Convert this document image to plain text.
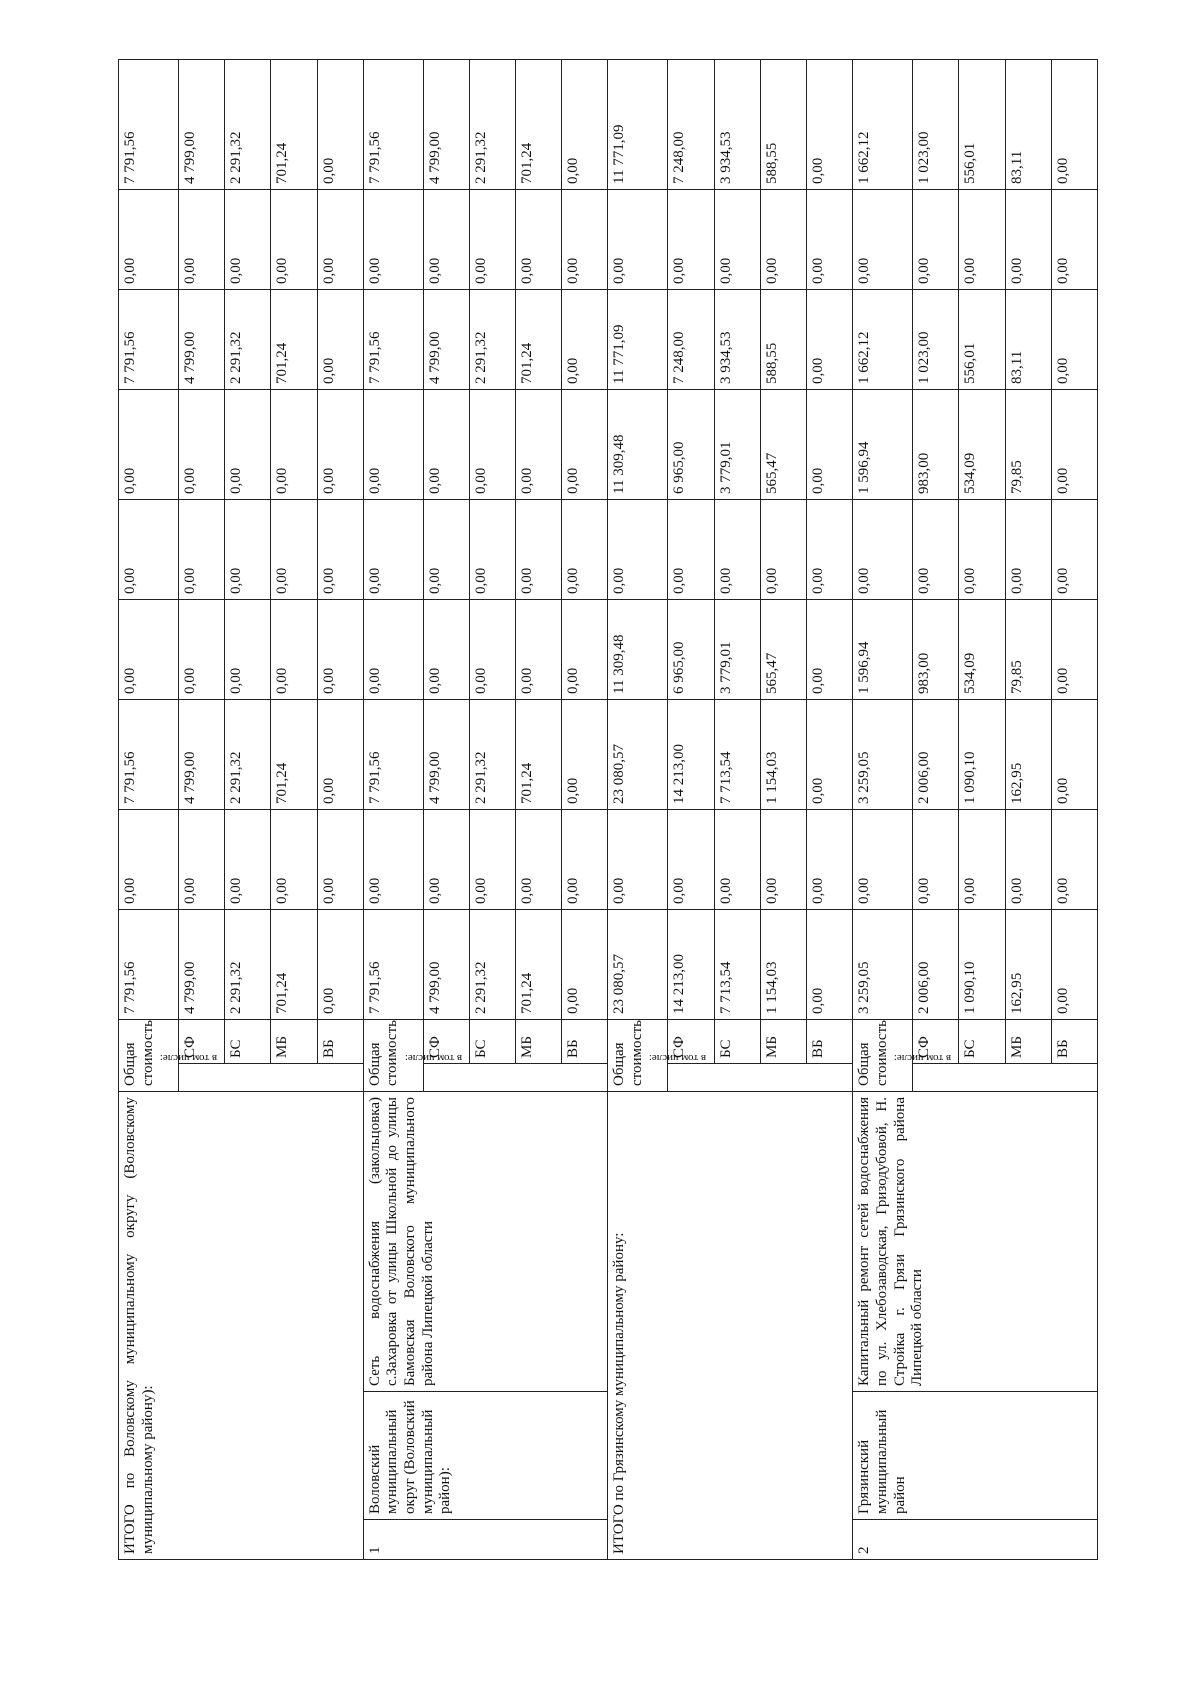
ИТОГО по Воловскому муниципальному округу (Воловскому муниципальному району):			Общая стоимость		7 791,56	0,00	7 791,56	0,00	0,00	0,00	7 791,56	0,00	7 791,56
			в том числе:	СФ	4 799,00	0,00	4 799,00	0,00	0,00	0,00	4 799,00	0,00	4 799,00
				БС	2 291,32	0,00	2 291,32	0,00	0,00	0,00	2 291,32	0,00	2 291,32
				МБ	701,24	0,00	701,24	0,00	0,00	0,00	701,24	0,00	701,24
				ВБ	0,00	0,00	0,00	0,00	0,00	0,00	0,00	0,00	0,00
1	Воловский муниципальный округ (Воловский муниципальный район):	Сеть водоснабжения (закольцовка) с.Захаровка от улицы Школьной до улицы Бамовская Воловского муниципального района Липецкой области	Общая стоимость		7 791,56	0,00	7 791,56	0,00	0,00	0,00	7 791,56	0,00	7 791,56
			в том числе:	СФ	4 799,00	0,00	4 799,00	0,00	0,00	0,00	4 799,00	0,00	4 799,00
				БС	2 291,32	0,00	2 291,32	0,00	0,00	0,00	2 291,32	0,00	2 291,32
				МБ	701,24	0,00	701,24	0,00	0,00	0,00	701,24	0,00	701,24
				ВБ	0,00	0,00	0,00	0,00	0,00	0,00	0,00	0,00	0,00
ИТОГО по Грязинскому муниципальному району:			Общая стоимость		23 080,57	0,00	23 080,57	11 309,48	0,00	11 309,48	11 771,09	0,00	11 771,09
			в том числе:	СФ	14 213,00	0,00	14 213,00	6 965,00	0,00	6 965,00	7 248,00	0,00	7 248,00
				БС	7 713,54	0,00	7 713,54	3 779,01	0,00	3 779,01	3 934,53	0,00	3 934,53
				МБ	1 154,03	0,00	1 154,03	565,47	0,00	565,47	588,55	0,00	588,55
				ВБ	0,00	0,00	0,00	0,00	0,00	0,00	0,00	0,00	0,00
2	Грязинский муниципальный район	Капитальный ремонт сетей водоснабжения по ул. Хлебозаводская, Гризодубовой, Н. Стройка г. Грязи Грязинского района Липецкой области	Общая стоимость		3 259,05	0,00	3 259,05	1 596,94	0,00	1 596,94	1 662,12	0,00	1 662,12
			в том числе:	СФ	2 006,00	0,00	2 006,00	983,00	0,00	983,00	1 023,00	0,00	1 023,00
				БС	1 090,10	0,00	1 090,10	534,09	0,00	534,09	556,01	0,00	556,01
				МБ	162,95	0,00	162,95	79,85	0,00	79,85	83,11	0,00	83,11
				ВБ	0,00	0,00	0,00	0,00	0,00	0,00	0,00	0,00	0,00
